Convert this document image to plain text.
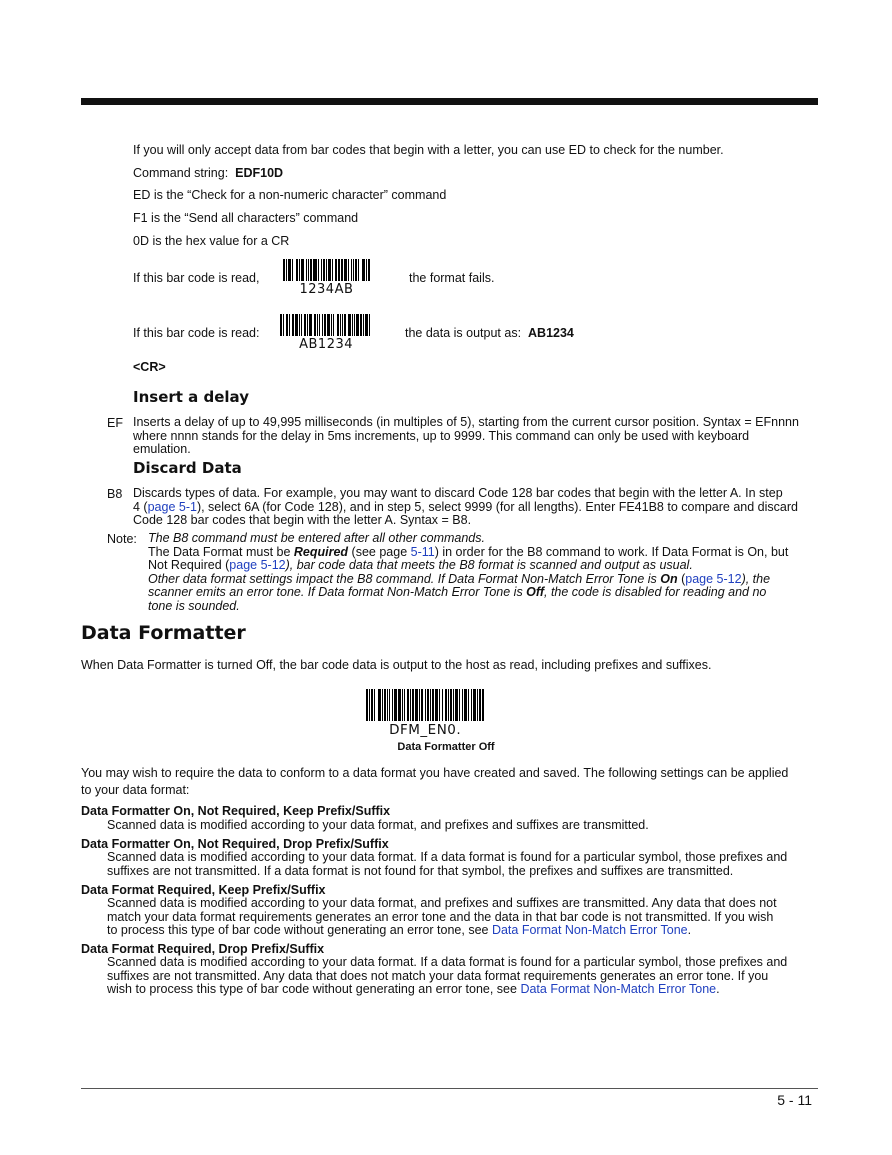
If you will only accept data from bar codes that begin with a letter, you can use ED to check for the number.
Command string: EDF10D
ED is the “Check for a non-numeric character” command
F1 is the “Send all characters” command
0D is the hex value for a CR
If this bar code is read,
1234AB
the format fails.
If this bar code is read:
AB1234
the data is output as: AB1234
<CR>
Insert a delay
EF Inserts a delay of up to 49,995 milliseconds (in multiples of 5), starting from the current cursor position. Syntax = EFnnnn
where nnnn stands for the delay in 5ms increments, up to 9999. This command can only be used with keyboard
emulation.
Discard Data
B8 Discards types of data. For example, you may want to discard Code 128 bar codes that begin with the letter A. In step
4 (page 5-1), select 6A (for Code 128), and in step 5, select 9999 (for all lengths). Enter FE41B8 to compare and discard
Code 128 bar codes that begin with the letter A. Syntax = B8.
Note: The B8 command must be entered after all other commands.
The Data Format must be Required (see page 5-11) in order for the B8 command to work. If Data Format is On, but
Not Required (page 5-12), bar code data that meets the B8 format is scanned and output as usual.
Other data format settings impact the B8 command. If Data Format Non-Match Error Tone is On (page 5-12), the
scanner emits an error tone. If Data format Non-Match Error Tone is Off, the code is disabled for reading and no
tone is sounded.
Data Formatter
When Data Formatter is turned Off, the bar code data is output to the host as read, including prefixes and suffixes.
DFM_EN0.
Data Formatter Off
You may wish to require the data to conform to a data format you have created and saved. The following settings can be applied
to your data format:
Data Formatter On, Not Required, Keep Prefix/Suffix
Scanned data is modified according to your data format, and prefixes and suffixes are transmitted.
Data Formatter On, Not Required, Drop Prefix/Suffix
Scanned data is modified according to your data format. If a data format is found for a particular symbol, those prefixes and
suffixes are not transmitted. If a data format is not found for that symbol, the prefixes and suffixes are transmitted.
Data Format Required, Keep Prefix/Suffix
Scanned data is modified according to your data format, and prefixes and suffixes are transmitted. Any data that does not
match your data format requirements generates an error tone and the data in that bar code is not transmitted. If you wish
to process this type of bar code without generating an error tone, see Data Format Non-Match Error Tone.
Data Format Required, Drop Prefix/Suffix
Scanned data is modified according to your data format. If a data format is found for a particular symbol, those prefixes and
suffixes are not transmitted. Any data that does not match your data format requirements generates an error tone. If you
wish to process this type of bar code without generating an error tone, see Data Format Non-Match Error Tone.
5 - 11
